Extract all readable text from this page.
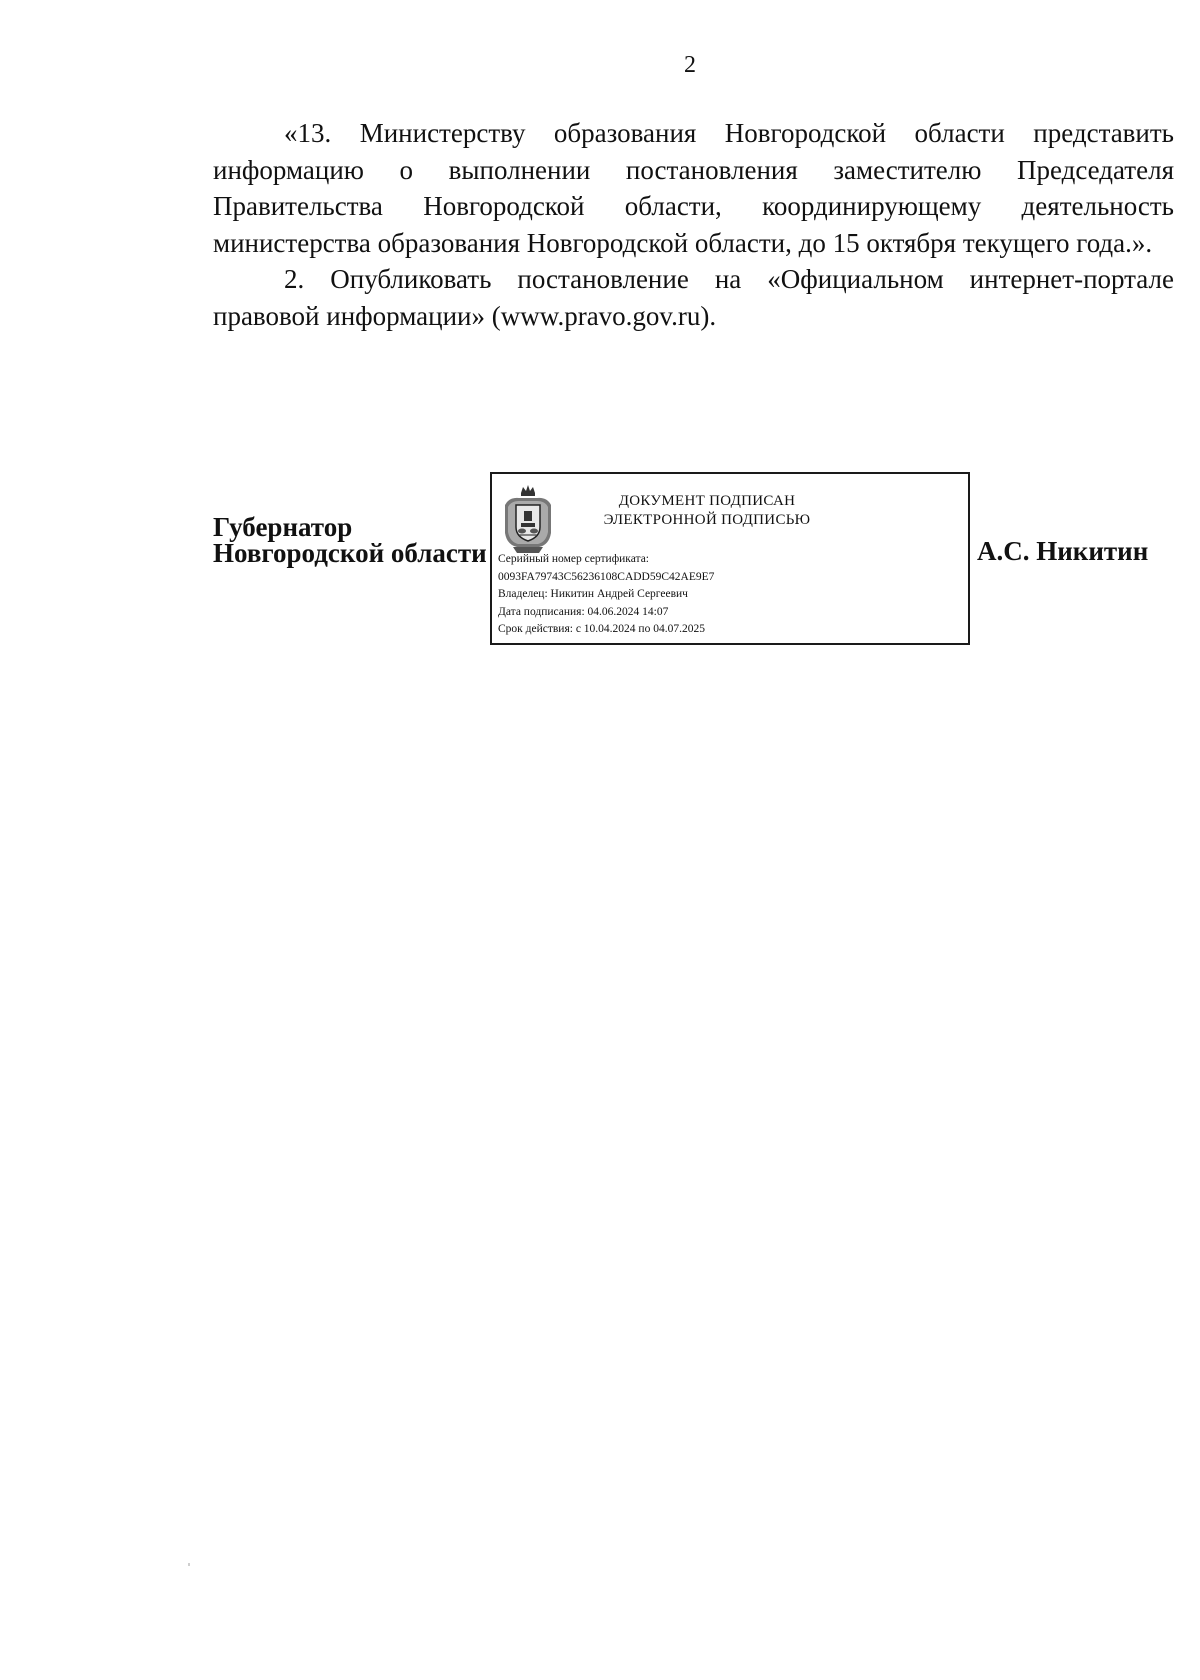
2

«13. Министерству образования Новгородской области представить информацию о выполнении постановления заместителю Председателя Правительства Новгородской области, координирующему деятельность министерства образования Новгородской области, до 15 октября текущего года.».

2. Опубликовать постановление на «Официальном интернет-портале правовой информации» (www.pravo.gov.ru).

Губернатор
Новгородской области
ДОКУМЕНТ ПОДПИСАН
ЭЛЕКТРОННОЙ ПОДПИСЬЮ
Серийный номер сертификата:
0093FA79743C56236108CADD59C42AE9E7
Владелец: Никитин Андрей Сергеевич
Дата подписания: 04.06.2024 14:07
Срок действия: с 10.04.2024 по 04.07.2025
А.С. Никитин
